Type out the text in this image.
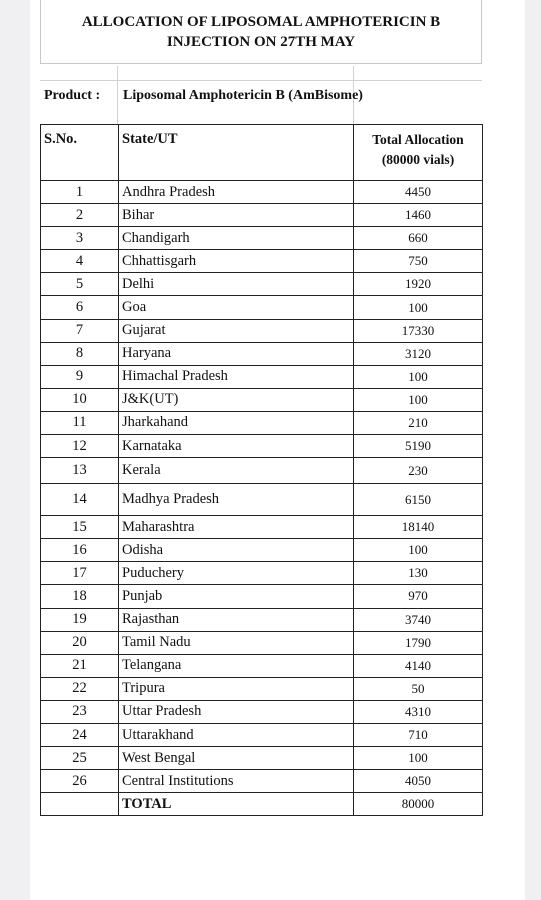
ALLOCATION OF LIPOSOMAL AMPHOTERICIN B
INJECTION ON 27TH MAY
Product : Liposomal Amphotericin B (AmBisome)
S.No.	State/UT	Total Allocation
(80000 vials)

1	Andhra Pradesh	4450
2	Bihar	1460
3	Chandigarh	660
4	Chhattisgarh	750
5	Delhi	1920
6	Goa	100
7	Gujarat	17330
8	Haryana	3120
9	Himachal Pradesh	100
10	J&K(UT)	100
11	Jharkahand	210
12	Karnataka	5190
13	Kerala	230
14	Madhya Pradesh	6150
15	Maharashtra	18140
16	Odisha	100
17	Puduchery	130
18	Punjab	970
19	Rajasthan	3740
20	Tamil Nadu	1790
21	Telangana	4140
22	Tripura	50
23	Uttar Pradesh	4310
24	Uttarakhand	710
25	West Bengal	100
26	Central Institutions	4050
	TOTAL	80000
